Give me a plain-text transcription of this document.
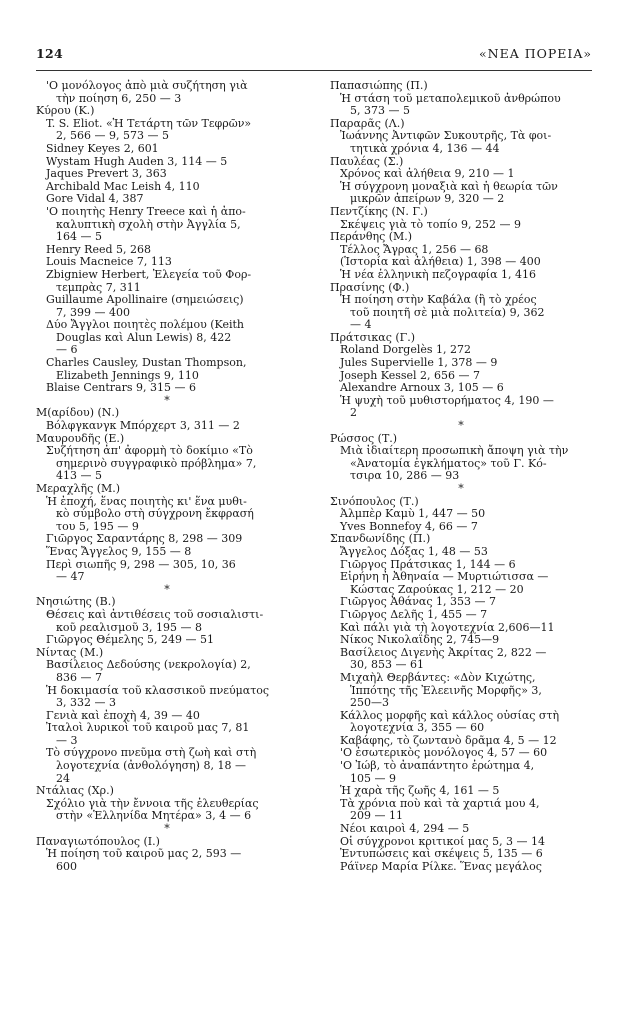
124	«ΝΕΑ ΠΟΡΕΙΑ»
'Ο μονόλογος ἀπὸ μιὰ συζήτηση γιὰ
τὴν ποίηση 6, 250 — 3
Κύρου (Κ.)
T. S. Eliot. «Ἡ Τετάρτη τῶν Τεφρῶν»
2, 566 — 9, 573 — 5
Sidney Keyes 2, 601
Wystam Hugh Auden 3, 114 — 5
Jaques Prevert 3, 363
Archibald Mac Leish 4, 110
Gore Vidal 4, 387
'Ο ποιητὴς Henry Treece καὶ ἡ ἀπο-
καλυπτικὴ σχολὴ στὴν Ἀγγλία 5,
164 — 5
Henry Reed 5, 268
Louis Macneice 7, 113
Zbigniew Herbert, Ἐλεγεία τοῦ Φορ-
τεμπρὰς 7, 311
Guillaume Apollinaire (σημειώσεις)
7, 399 — 400
Δύο Ἄγγλοι ποιητὲς πολέμου (Keith
Douglas καὶ Alun Lewis) 8, 422
— 6
Charles Causley, Dustan Thompson,
Elizabeth Jennings 9, 110
Blaise Centrars 9, 315 — 6
*
Μ(αρίδου) (Ν.)
Βόλφγκανγκ Μπόρχερτ 3, 311 — 2
Μαυρουδῆς (Ε.)
Συζήτηση ἀπ' ἀφορμὴ τὸ δοκίμιο «Τὸ
σημερινὸ συγγραφικὸ πρόβλημα» 7,
413 — 5
Μεραχλῆς (Μ.)
Ἡ ἐποχή, ἕνας ποιητὴς κι' ἕνα μυθι-
κὸ σύμβολο στὴ σύγχρονη ἔκφρασή
του 5, 195 — 9
Γιῶργος Σαραντάρης 8, 298 — 309
Ἕνας Ἄγγελος 9, 155 — 8
Περὶ σιωπῆς 9, 298 — 305, 10, 36
— 47
*
Νησιώτης (Β.)
Θέσεις καὶ ἀντιθέσεις τοῦ σοσιαλιστι-
κοῦ ρεαλισμοῦ 3, 195 — 8
Γιῶργος Θέμελης 5, 249 — 51
Νίντας (Μ.)
Βασίλειος Δεδούσης (νεκρολογία) 2,
836 — 7
Ἡ δοκιμασία τοῦ κλασσικοῦ πνεύματος
3, 332 — 3
Γενιὰ καὶ ἐποχὴ 4, 39 — 40
Ἰταλοὶ λυρικοὶ τοῦ καιροῦ μας 7, 81
— 3
Τὸ σύγχρονο πνεῦμα στὴ ζωὴ καὶ στὴ
λογοτεχνία (ἀνθολόγηση) 8, 18 —
24
Ντάλιας (Χρ.)
Σχόλιο γιὰ τὴν ἔννοια τῆς ἐλευθερίας
στὴν «Ἑλληνίδα Μητέρα» 3, 4 — 6
*
Παναγιωτόπουλος (Ι.)
Ἡ ποίηση τοῦ καιροῦ μας 2, 593 —
600
Παπασιώπης (Π.)
Ἡ στάση τοῦ μεταπολεμικοῦ ἀνθρώπου
5, 373 — 5
Παραρᾶς (Λ.)
Ἰωάννης Ἀντιφῶν Συκουτρῆς, Τὰ φοι-
τητικὰ χρόνια 4, 136 — 44
Παυλέας (Σ.)
Χρόνος καὶ ἀλήθεια 9, 210 — 1
Ἡ σύγχρονη μοναξιὰ καὶ ἡ θεωρία τῶν
μικρῶν ἀπείρων 9, 320 — 2
Πεντζίκης (Ν. Γ.)
Σκέψεις γιὰ τὸ τοπίο 9, 252 — 9
Περάνθης (Μ.)
Τέλλος Ἄγρας 1, 256 — 68
(Ἱστορία καὶ ἀλήθεια) 1, 398 — 400
Ἡ νέα ἑλληνικὴ πεζογραφία 1, 416
Πρασίνης (Φ.)
Ἡ ποίηση στὴν Καβάλα (ἢ τὸ χρέος
τοῦ ποιητῆ σὲ μιὰ πολιτεία) 9, 362
— 4
Πράτσικας (Γ.)
Roland Dorgelès 1, 272
Jules Supervielle 1, 378 — 9
Joseph Kessel 2, 656 — 7
Alexandre Arnoux 3, 105 — 6
Ἡ ψυχὴ τοῦ μυθιστορήματος 4, 190 —
2
*
Ρώσσος (Τ.)
Μιὰ ἰδιαίτερη προσωπικὴ ἄποψη γιὰ τὴν
«Ἀνατομία ἐγκλήματος» τοῦ Γ. Κό-
τσιρα 10, 286 — 93
*
Σινόπουλος (Τ.)
Ἀλμπὲρ Καμὺ 1, 447 — 50
Yves Bonnefoy 4, 66 — 7
Σπανδωνίδης (Π.)
Ἄγγελος Δόξας 1, 48 — 53
Γιῶργος Πράτσικας 1, 144 — 6
Εἰρήνη ἡ Ἀθηναία — Μυρτιώτισσα —
Κώστας Ζαρούκας 1, 212 — 20
Γιῶργος Ἀθάνας 1, 353 — 7
Γιῶργος Δελῆς 1, 455 — 7
Καὶ πάλι γιὰ τὴ λογοτεχνία 2,606—11
Νίκος Νικολαΐδης 2, 745—9
Βασίλειος Διγενὴς Ἀκρίτας 2, 822 —
30, 853 — 61
Μιχαὴλ Θερβάντες: «Δὸν Κιχώτης,
Ἱππότης τῆς Ἐλεεινῆς Μορφῆς» 3,
250—3
Κάλλος μορφῆς καὶ κάλλος οὐσίας στὴ
λογοτεχνία 3, 355 — 60
Καβάφης, τὸ ζωντανὸ δρᾶμα 4, 5 — 12
'Ο ἐσωτερικὸς μονόλογος 4, 57 — 60
'Ο Ἰώβ, τὸ ἀναπάντητο ἐρώτημα 4,
105 — 9
Ἡ χαρὰ τῆς ζωῆς 4, 161 — 5
Τὰ χρόνια ποὺ καὶ τὰ χαρτιά μου 4,
209 — 11
Νέοι καιροὶ 4, 294 — 5
Οἱ σύγχρονοι κριτικοί μας 5, 3 — 14
Ἐντυπώσεις καὶ σκέψεις 5, 135 — 6
Ράϊνερ Μαρία Ρίλκε. Ἕνας μεγάλος
